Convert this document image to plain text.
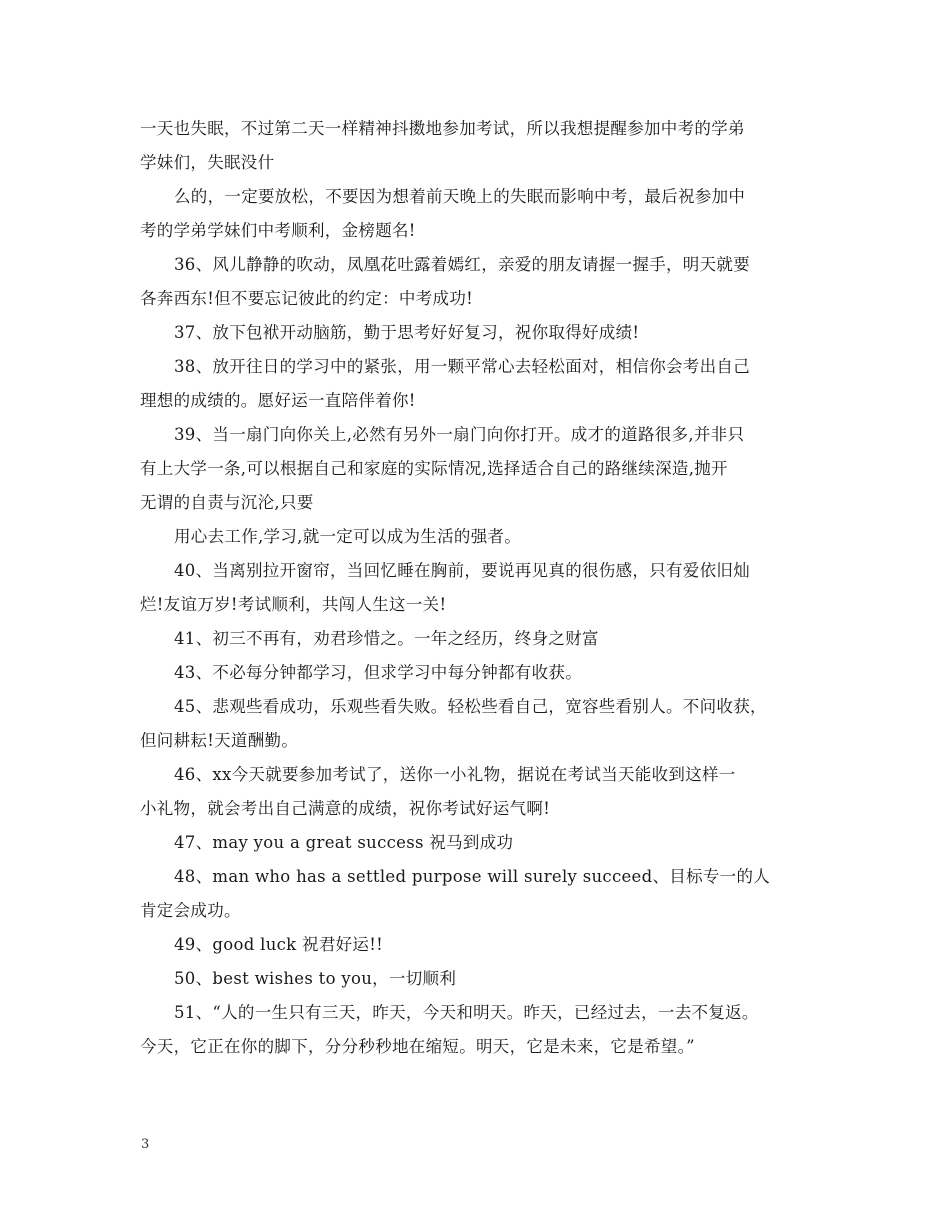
一天也失眠，不过第二天一样精神抖擞地参加考试，所以我想提醒参加中考的学弟
学妹们，失眠没什
么的，一定要放松，不要因为想着前天晚上的失眠而影响中考，最后祝参加中
考的学弟学妹们中考顺利，金榜题名!
36、风儿静静的吹动，凤凰花吐露着嫣红，亲爱的朋友请握一握手，明天就要
各奔西东!但不要忘记彼此的约定：中考成功!
37、放下包袱开动脑筋，勤于思考好好复习，祝你取得好成绩!
38、放开往日的学习中的紧张，用一颗平常心去轻松面对，相信你会考出自己
理想的成绩的。愿好运一直陪伴着你!
39、当一扇门向你关上,必然有另外一扇门向你打开。成才的道路很多,并非只
有上大学一条,可以根据自己和家庭的实际情况,选择适合自己的路继续深造,抛开
无谓的自责与沉沦,只要
用心去工作,学习,就一定可以成为生活的强者。
40、当离别拉开窗帘，当回忆睡在胸前，要说再见真的很伤感，只有爱依旧灿
烂!友谊万岁!考试顺利，共闯人生这一关!
41、初三不再有，劝君珍惜之。一年之经历，终身之财富
43、不必每分钟都学习，但求学习中每分钟都有收获。
45、悲观些看成功，乐观些看失败。轻松些看自己，宽容些看别人。不问收获，
但问耕耘!天道酬勤。
46、xx今天就要参加考试了，送你一小礼物，据说在考试当天能收到这样一
小礼物，就会考出自己满意的成绩，祝你考试好运气啊!
47、may you a great success 祝马到成功
48、man who has a settled purpose will surely succeed、目标专一的人
肯定会成功。
49、good luck 祝君好运!!
50、best wishes to you，一切顺利
51、“人的一生只有三天，昨天，今天和明天。昨天，已经过去，一去不复返。
今天，它正在你的脚下，分分秒秒地在缩短。明天，它是未来，它是希望。”
3
